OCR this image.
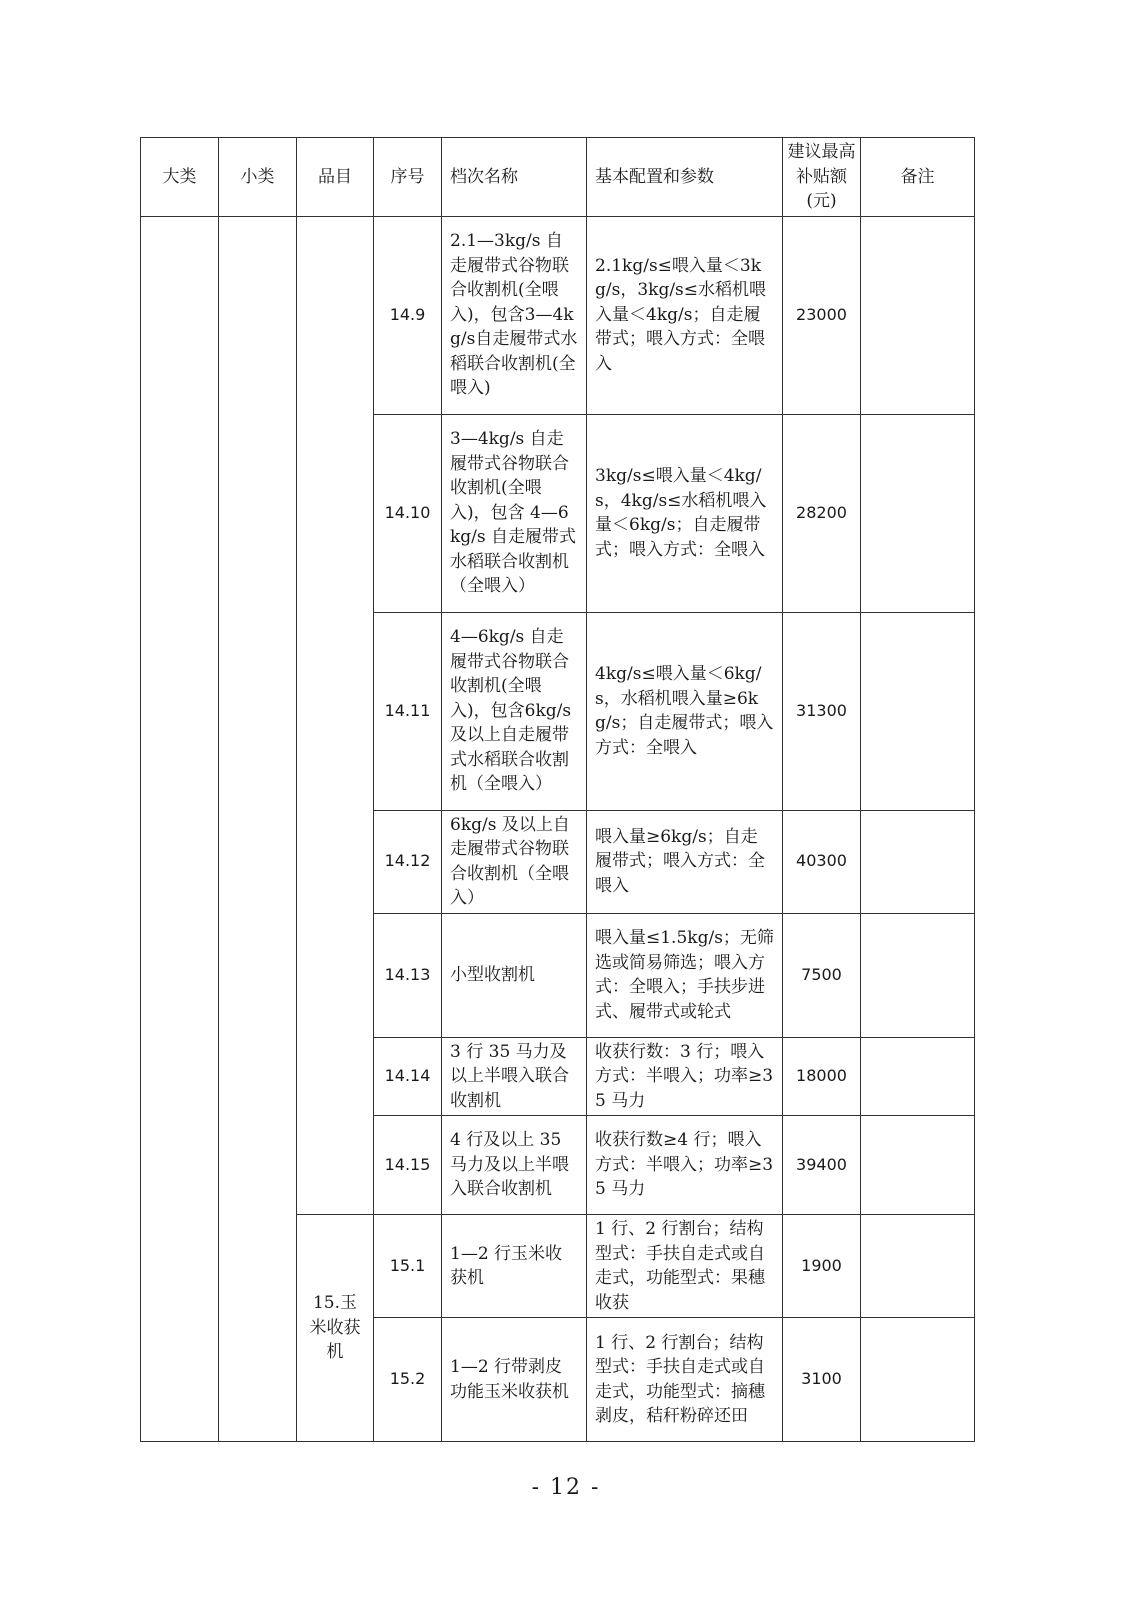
大类	小类	品目	序号	档次名称	基本配置和参数	建议最高补贴额(元)	备注
			14.9	2.1—3kg/s 自走履带式谷物联合收割机(全喂入)，包含3—4kg/s自走履带式水稻联合收割机(全喂入)	2.1kg/s≤喂入量＜3kg/s，3kg/s≤水稻机喂入量＜4kg/s；自走履带式；喂入方式：全喂入	23000	
			14.10	3—4kg/s 自走履带式谷物联合收割机(全喂入)，包含 4—6kg/s 自走履带式水稻联合收割机（全喂入）	3kg/s≤喂入量＜4kg/s，4kg/s≤水稻机喂入量＜6kg/s；自走履带式；喂入方式：全喂入	28200	
			14.11	4—6kg/s 自走履带式谷物联合收割机(全喂入)，包含6kg/s 及以上自走履带式水稻联合收割机（全喂入）	4kg/s≤喂入量＜6kg/s，水稻机喂入量≥6kg/s；自走履带式；喂入方式：全喂入	31300	
			14.12	6kg/s 及以上自走履带式谷物联合收割机（全喂入）	喂入量≥6kg/s；自走履带式；喂入方式：全喂入	40300	
			14.13	小型收割机	喂入量≤1.5kg/s；无筛选或简易筛选；喂入方式：全喂入；手扶步进式、履带式或轮式	7500	
			14.14	3 行 35 马力及以上半喂入联合收割机	收获行数：3 行；喂入方式：半喂入；功率≥35 马力	18000	
			14.15	4 行及以上 35 马力及以上半喂入联合收割机	收获行数≥4 行；喂入方式：半喂入；功率≥35 马力	39400	
		15.玉米收获机	15.1	1—2 行玉米收获机	1 行、2 行割台；结构型式：手扶自走式或自走式，功能型式：果穗收获	1900	
			15.2	1—2 行带剥皮功能玉米收获机	1 行、2 行割台；结构型式：手扶自走式或自走式，功能型式：摘穗剥皮，秸秆粉碎还田	3100	
- 12 -
